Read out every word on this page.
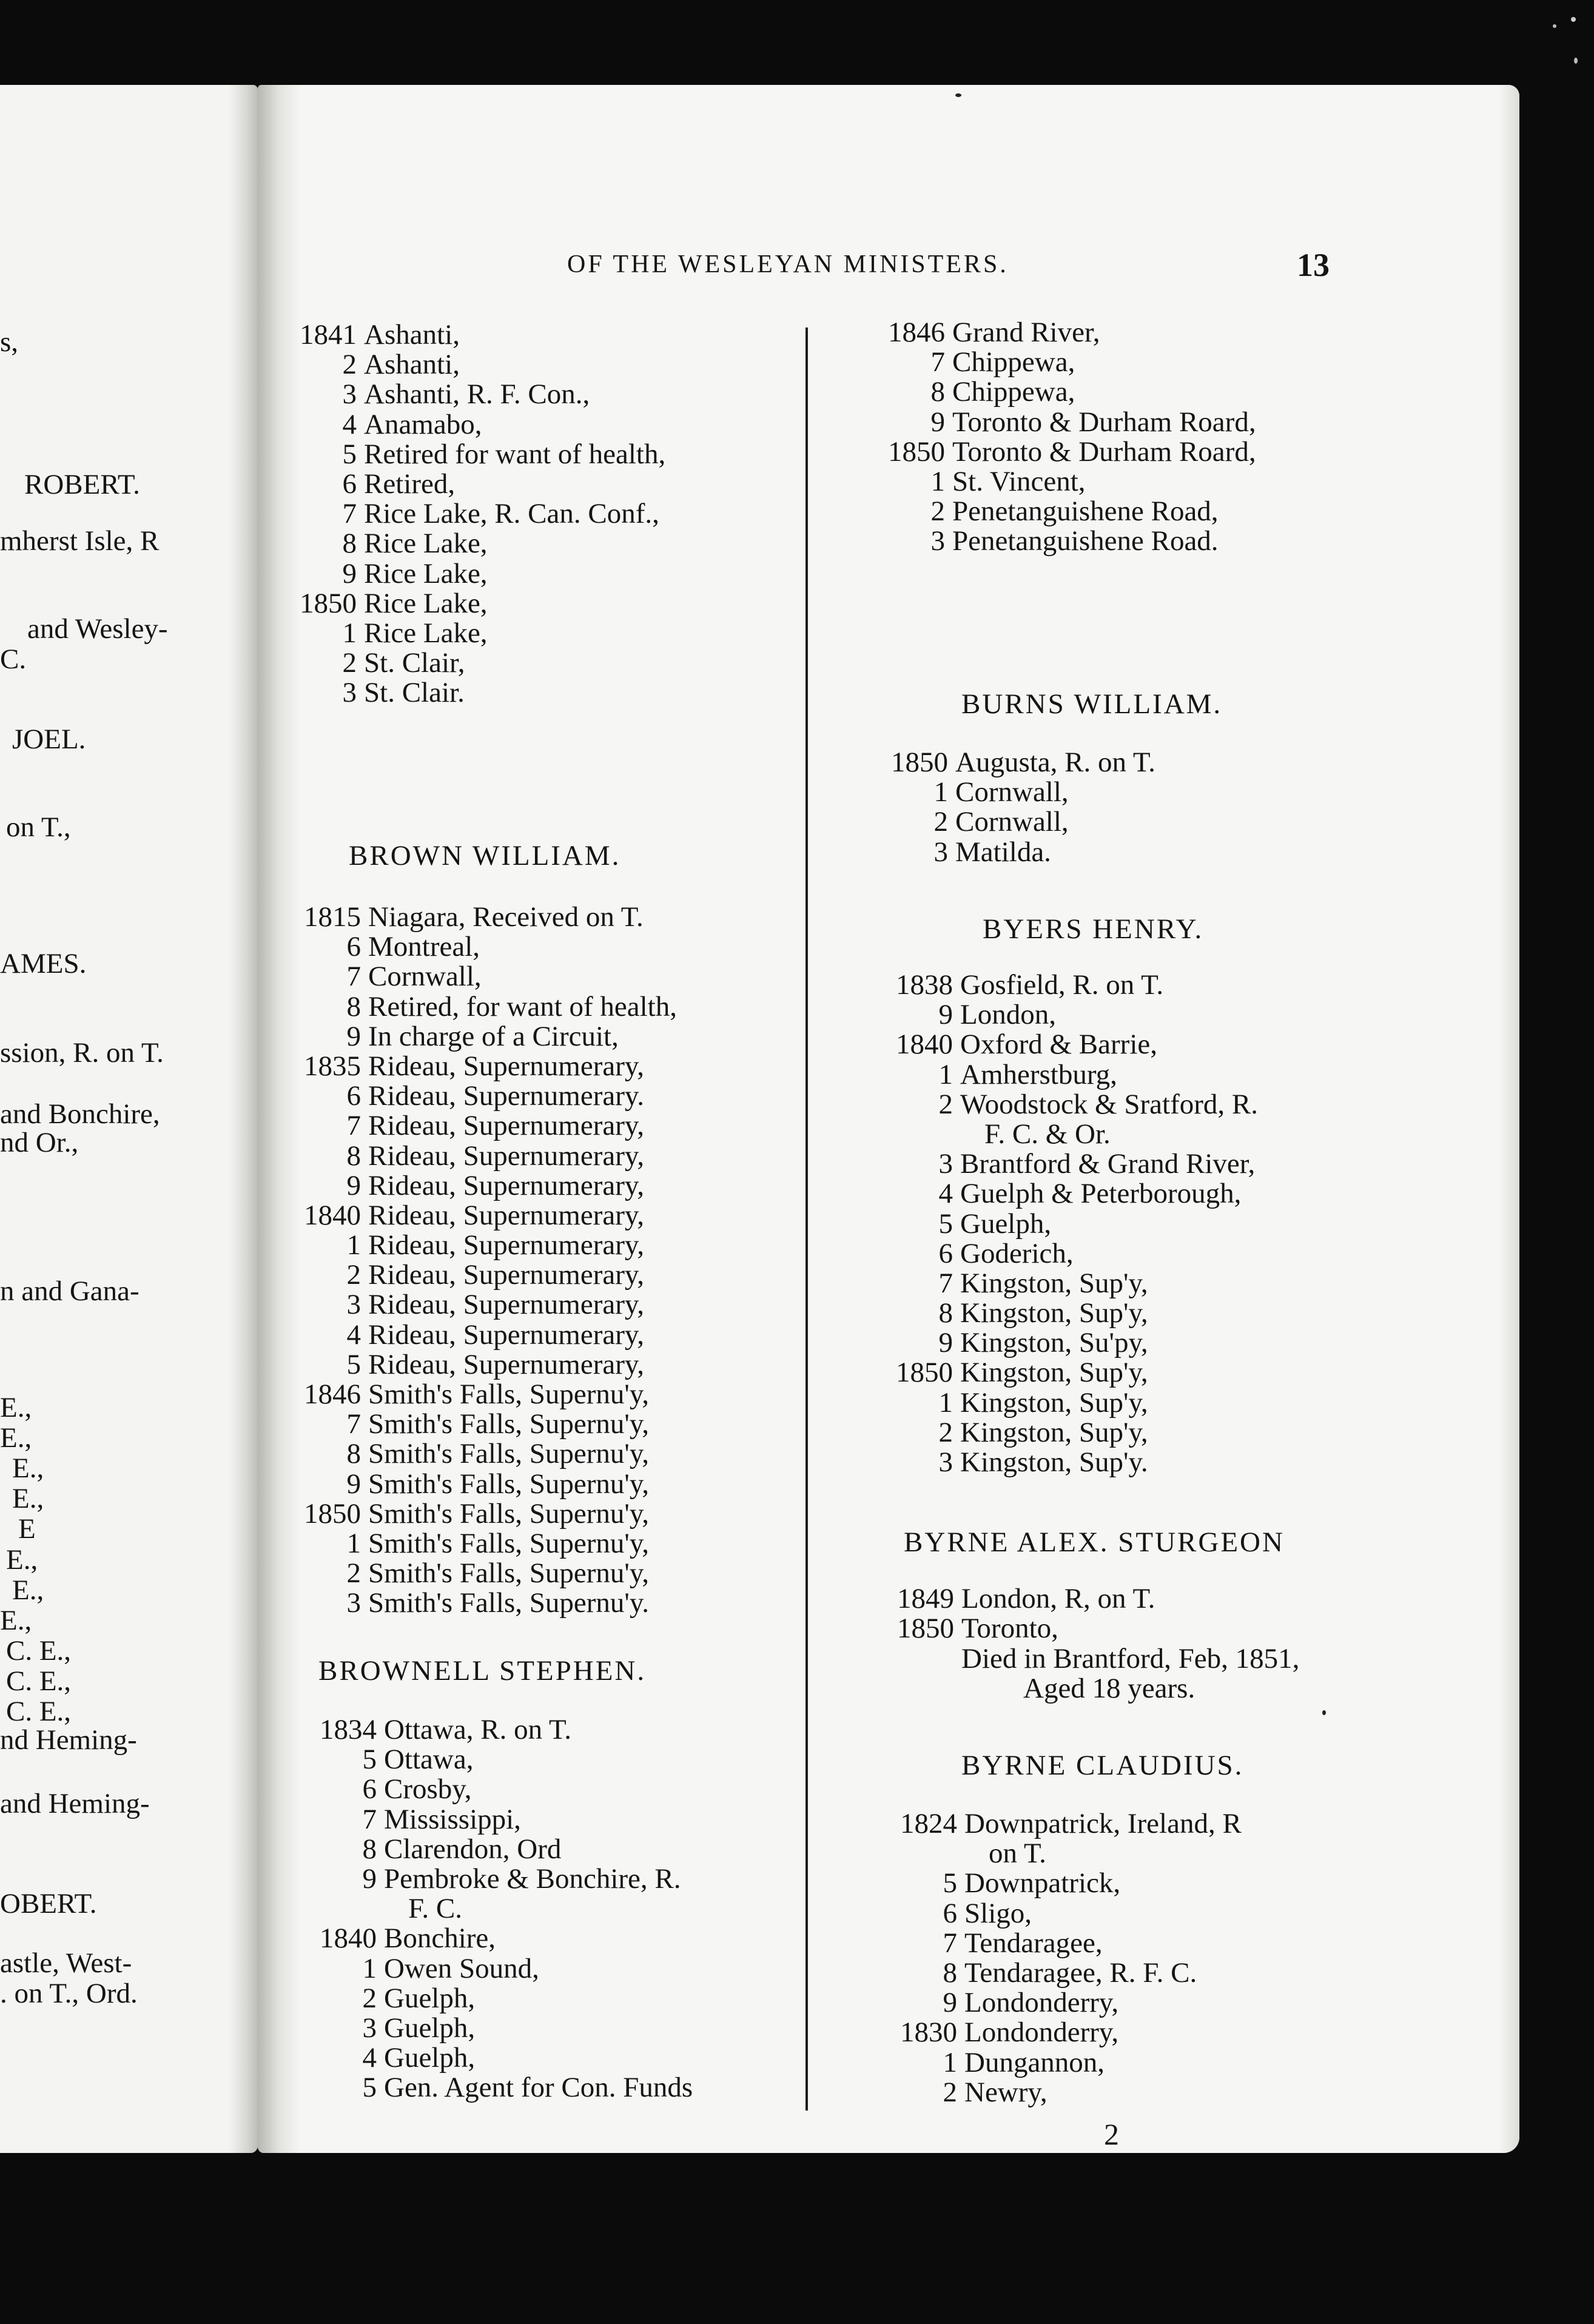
s,
ROBERT.
mherst Isle, R
and Wesley-
C.
JOEL.
on T.,
AMES.
ssion, R. on T.
and Bonchire,
nd Or.,
n and Gana-
E.,
E.,
E.,
E.,
E
E.,
E.,
E.,
C. E.,
C. E.,
C. E.,
nd Heming-
and Heming-
OBERT.
astle, West-
. on T., Ord.
OF THE WESLEYAN MINISTERS.	13
1841 Ashanti,
2 Ashanti,
3 Ashanti, R. F. Con.,
4 Anamabo,
5 Retired for want of health,
6 Retired,
7 Rice Lake, R. Can. Conf.,
8 Rice Lake,
9 Rice Lake,
1850 Rice Lake,
1 Rice Lake,
2 St. Clair,
3 St. Clair.
BROWN WILLIAM.
1815 Niagara, Received on T.
6 Montreal,
7 Cornwall,
8 Retired, for want of health,
9 In charge of a Circuit,
1835 Rideau, Supernumerary,
6 Rideau, Supernumerary.
7 Rideau, Supernumerary,
8 Rideau, Supernumerary,
9 Rideau, Supernumerary,
1840 Rideau, Supernumerary,
1 Rideau, Supernumerary,
2 Rideau, Supernumerary,
3 Rideau, Supernumerary,
4 Rideau, Supernumerary,
5 Rideau, Supernumerary,
1846 Smith's Falls, Supernu'y,
7 Smith's Falls, Supernu'y,
8 Smith's Falls, Supernu'y,
9 Smith's Falls, Supernu'y,
1850 Smith's Falls, Supernu'y,
1 Smith's Falls, Supernu'y,
2 Smith's Falls, Supernu'y,
3 Smith's Falls, Supernu'y.
BROWNELL STEPHEN.
1834 Ottawa, R. on T.
5 Ottawa,
6 Crosby,
7 Mississippi,
8 Clarendon, Ord
9 Pembroke & Bonchire, R.
F. C.
1840 Bonchire,
1 Owen Sound,
2 Guelph,
3 Guelph,
4 Guelph,
5 Gen. Agent for Con. Funds
1846 Grand River,
7 Chippewa,
8 Chippewa,
9 Toronto & Durham Roard,
1850 Toronto & Durham Roard,
1 St. Vincent,
2 Penetanguishene Road,
3 Penetanguishene Road.
BURNS WILLIAM.
1850 Augusta, R. on T.
1 Cornwall,
2 Cornwall,
3 Matilda.
BYERS HENRY.
1838 Gosfield, R. on T.
9 London,
1840 Oxford & Barrie,
1 Amherstburg,
2 Woodstock & Sratford, R.
F. C. & Or.
3 Brantford & Grand River,
4 Guelph & Peterborough,
5 Guelph,
6 Goderich,
7 Kingston, Sup'y,
8 Kingston, Sup'y,
9 Kingston, Su'py,
1850 Kingston, Sup'y,
1 Kingston, Sup'y,
2 Kingston, Sup'y,
3 Kingston, Sup'y.
BYRNE ALEX. STURGEON
1849 London, R, on T.
1850 Toronto,
Died in Brantford, Feb, 1851,
Aged 18 years.
BYRNE CLAUDIUS.
1824 Downpatrick, Ireland, R
on T.
5 Downpatrick,
6 Sligo,
7 Tendaragee,
8 Tendaragee, R. F. C.
9 Londonderry,
1830 Londonderry,
1 Dungannon,
2 Newry,
2
